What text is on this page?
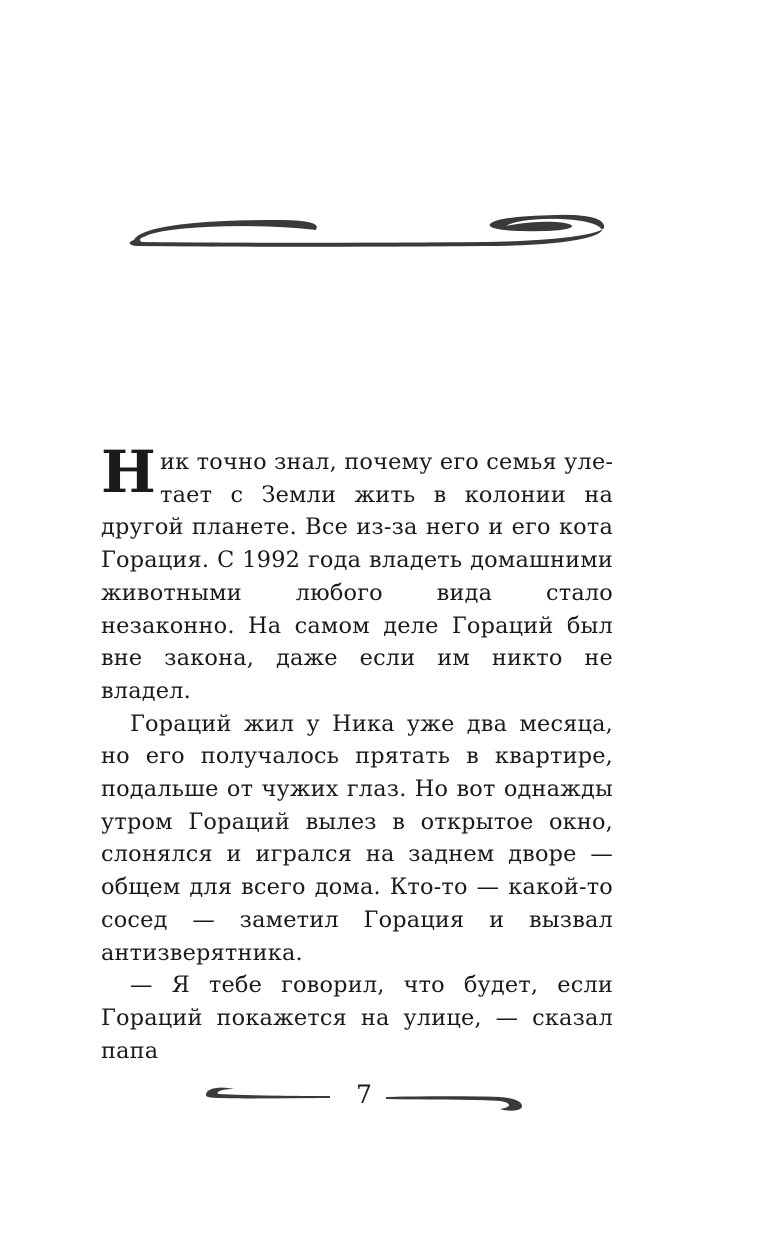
Ник точно знал, почему его семья улетает с Земли жить в колонии на другой планете. Все из-за него и его кота Горация. С 1992 года владеть домашними животными любого вида стало незаконно. На самом деле Гораций был вне закона, даже если им никто не владел.

Гораций жил у Ника уже два месяца, но его получалось прятать в квартире, подальше от чужих глаз. Но вот однажды утром Гораций вылез в открытое окно, слонялся и игрался на заднем дворе — общем для всего дома. Кто-то — какой-то сосед — заметил Горация и вызвал антизверятника.

— Я тебе говорил, что будет, если Гораций покажется на улице, — сказал папа

7
